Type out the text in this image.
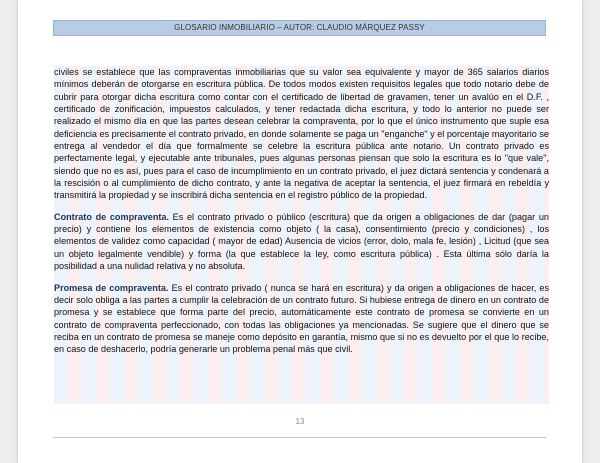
GLOSARIO INMOBILIARIO – AUTOR: CLAUDIO MÁRQUEZ PASSY

civiles se establece que las compraventas inmobiliarias que su valor sea equivalente y mayor de 365 salarios diarios mínimos deberán de otorgarse en escritura pública. De todos modos existen requisitos legales que todo notario debe de cubrir para otorgar dicha escritura como contar con el certificado de libertad de gravamen, tener un avalúo en el D.F. , certificado de zonificación, impuestos calculados, y tener redactada dicha escritura, y todo lo anterior no puede ser realizado el mismo día en que las partes desean celebrar la compraventa, por lo que el único instrumento que suple esa deficiencia es precisamente el contrato privado, en donde solamente se paga un "enganche" y el porcentaje mayoritario se entrega al vendedor el día que formalmente se celebre la escritura pública ante notario. Un contrato privado es perfectamente legal, y ejecutable ante tribunales, pues algunas personas piensan que solo la escritura es lo "que vale", siendo que no es así, pues para el caso de incumplimiento en un contrato privado, el juez dictará sentencia y condenará a la rescisión o al cumplimiento de dicho contrato, y ante la negativa de aceptar la sentencia, el juez firmará en rebeldía y transmitirá la propiedad y se inscribirá dicha sentencia en el registro público de la propiedad.

Contrato de compraventa. Es el contrato privado o público (escritura) que da origen a obligaciones de dar (pagar un precio) y contiene los elementos de existencia como objeto ( la casa), consentimiento (precio y condiciones) , los elementos de validez como capacidad ( mayor de edad) Ausencia de vicios (error, dolo, mala fe, lesión) , Licitud (que sea un objeto legalmente vendible) y forma (la que establece la ley, como escritura pública) . Esta última sólo daría la posibilidad a una nulidad relativa y no absoluta.

Promesa de compraventa. Es el contrato privado ( nunca se hará en escritura) y da origen a obligaciones de hacer, es decir solo obliga a las partes a cumplir la celebración de un contrato futuro. Si hubiese entrega de dinero en un contrato de promesa y se establece que forma parte del precio, automáticamente este contrato de promesa se convierte en un contrato de compraventa perfeccionado, con todas las obligaciones ya mencionadas. Se sugiere que el dinero que se reciba en un contrato de promesa se maneje como depósito en garantía, mismo que si no es devuelto por el que lo recibe, en caso de deshacerlo, podría generarle un problema penal más que civil.

13
